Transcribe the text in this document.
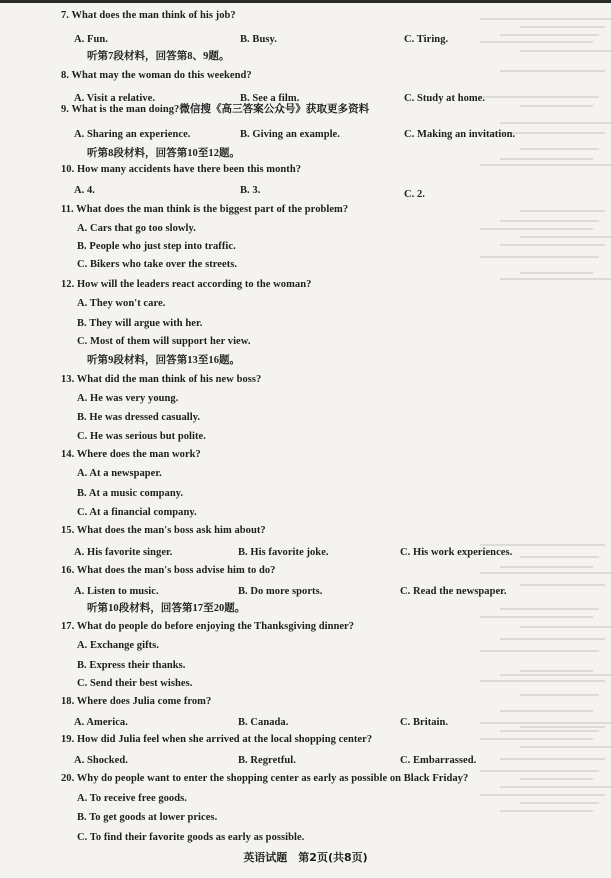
7. What does the man think of his job?
A. Fun.	B. Busy.	C. Tiring.
听第7段材料，回答第8、9题。
8. What may the woman do this weekend?
A. Visit a relative.	B. See a film.	C. Study at home.
9. What is the man doing?微信搜《高三答案公众号》获取更多资料
A. Sharing an experience.	B. Giving an example.	C. Making an invitation.
听第8段材料，回答第10至12题。
10. How many accidents have there been this month?
A. 4.	B. 3.	C. 2.
11. What does the man think is the biggest part of the problem?
A. Cars that go too slowly.
B. People who just step into traffic.
C. Bikers who take over the streets.
12. How will the leaders react according to the woman?
A. They won't care.
B. They will argue with her.
C. Most of them will support her view.
听第9段材料，回答第13至16题。
13. What did the man think of his new boss?
A. He was very young.
B. He was dressed casually.
C. He was serious but polite.
14. Where does the man work?
A. At a newspaper.
B. At a music company.
C. At a financial company.
15. What does the man's boss ask him about?
A. His favorite singer.	B. His favorite joke.	C. His work experiences.
16. What does the man's boss advise him to do?
A. Listen to music.	B. Do more sports.	C. Read the newspaper.
听第10段材料，回答第17至20题。
17. What do people do before enjoying the Thanksgiving dinner?
A. Exchange gifts.
B. Express their thanks.
C. Send their best wishes.
18. Where does Julia come from?
A. America.	B. Canada.	C. Britain.
19. How did Julia feel when she arrived at the local shopping center?
A. Shocked.	B. Regretful.	C. Embarrassed.
20. Why do people want to enter the shopping center as early as possible on Black Friday?
A. To receive free goods.
B. To get goods at lower prices.
C. To find their favorite goods as early as possible.
英语试题　第2页(共8页)
